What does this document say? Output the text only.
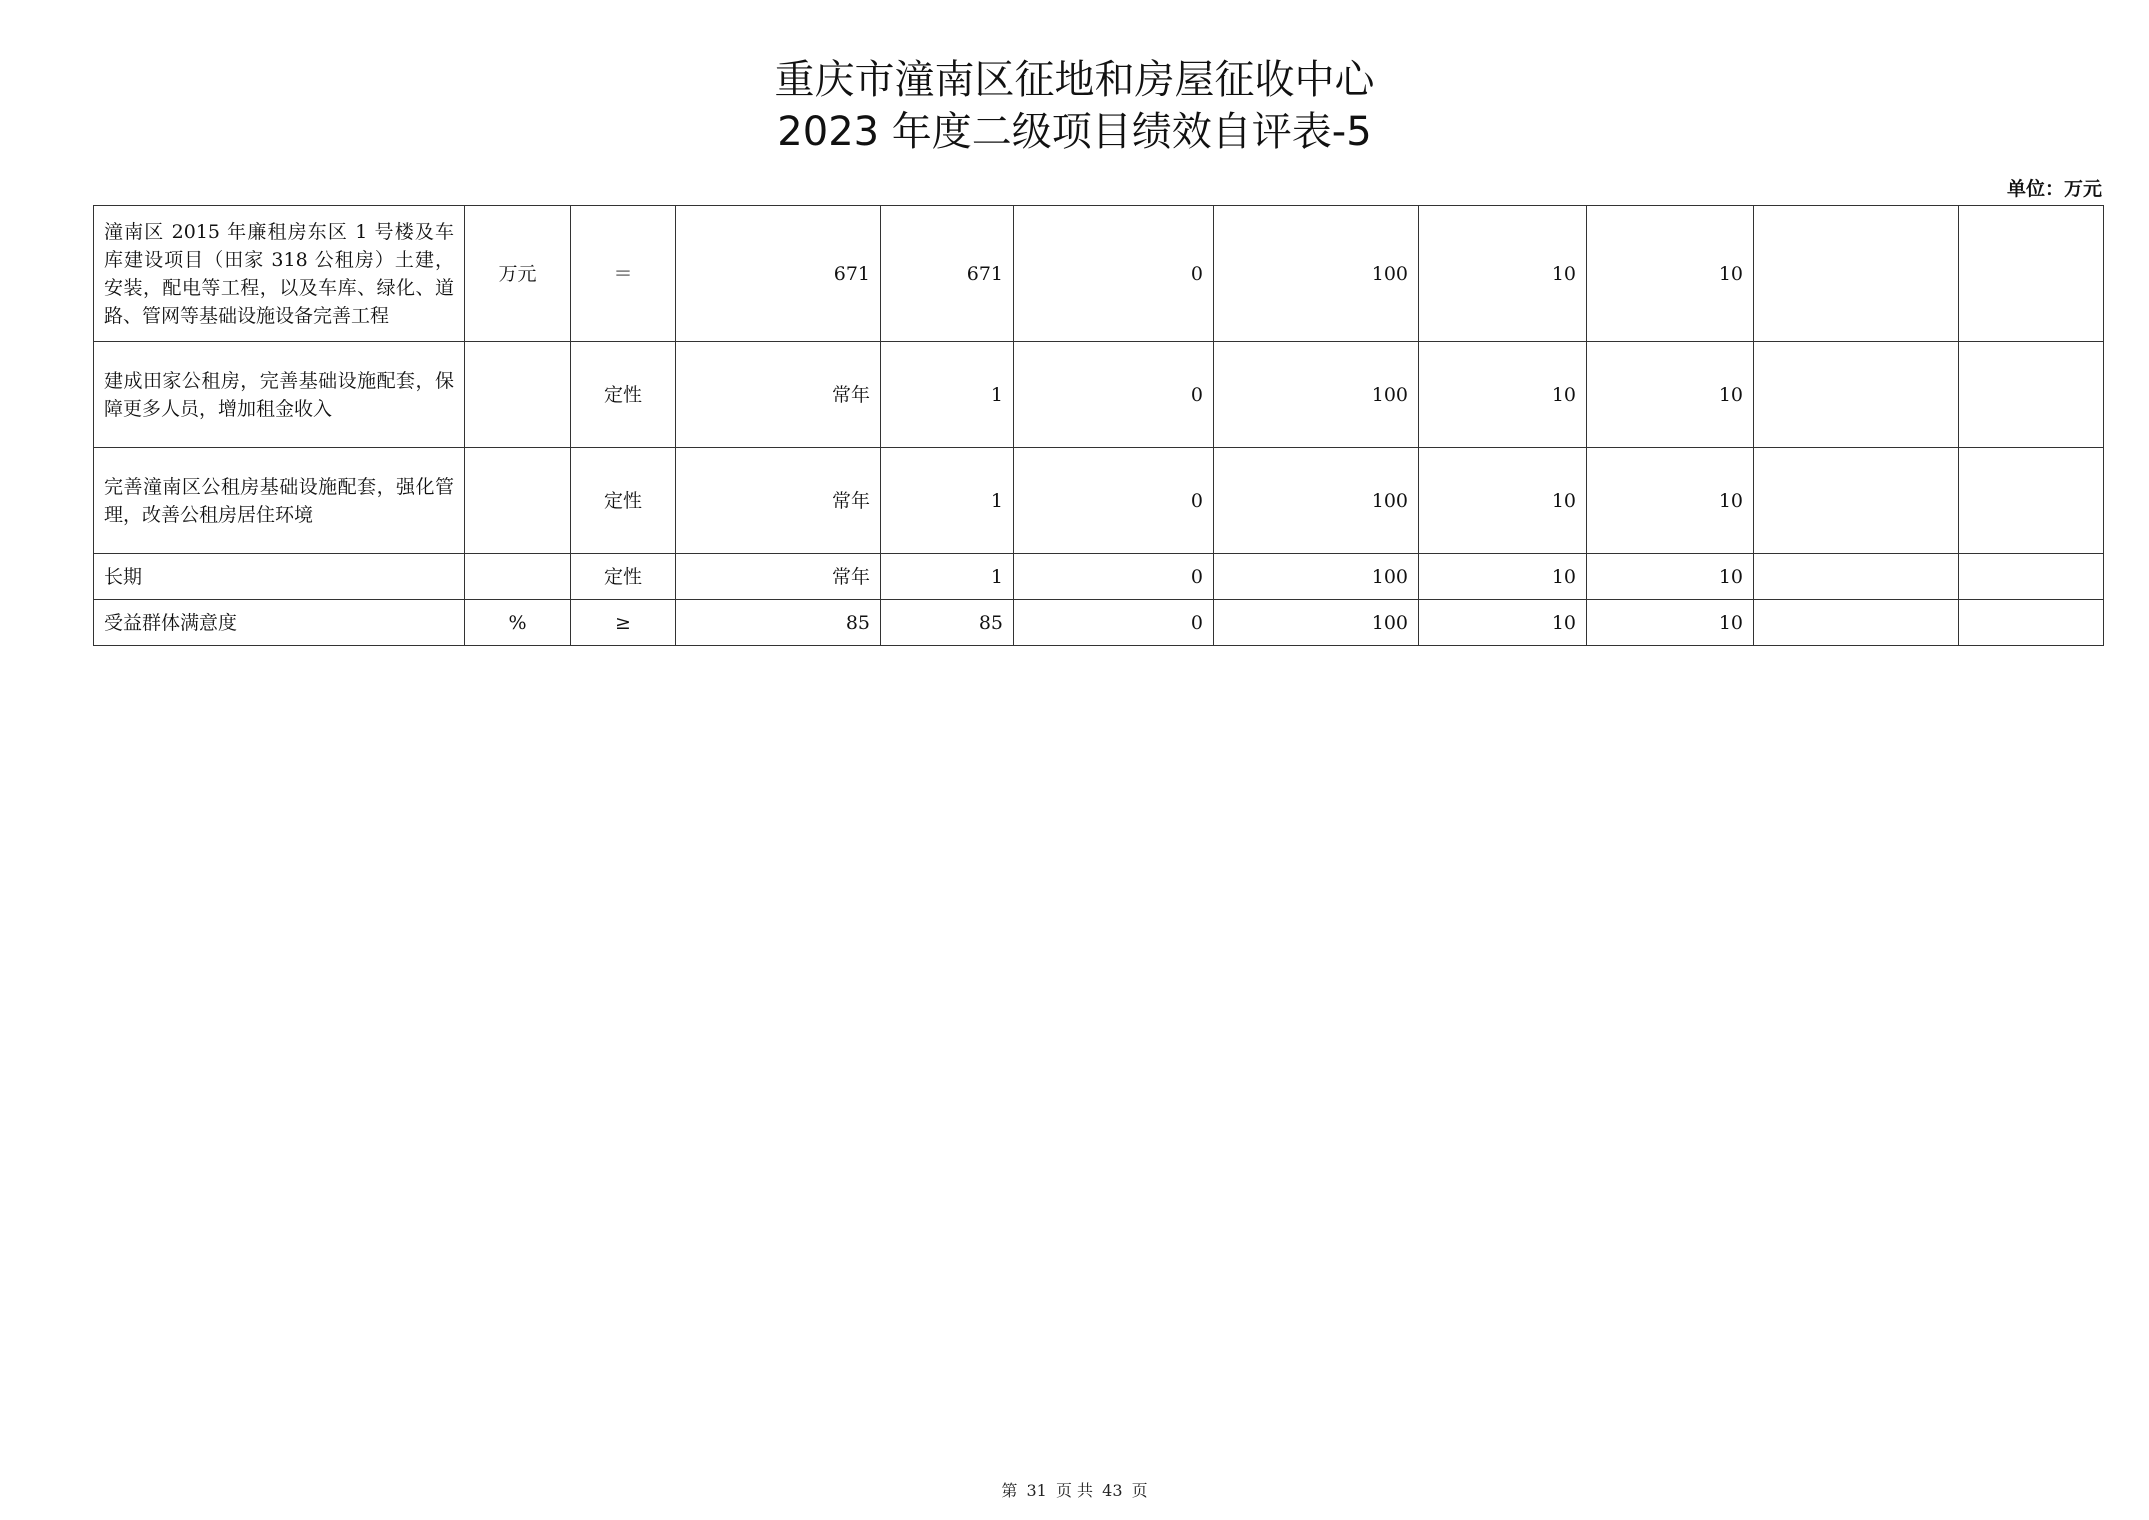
重庆市潼南区征地和房屋征收中心
2023 年度二级项目绩效自评表-5
单位：万元
潼南区 2015 年廉租房东区 1 号楼及车库建设项目（田家 318 公租房）土建，安装，配电等工程，以及车库、绿化、道路、管网等基础设施设备完善工程	万元	＝	671	671	0	100	10	10		
建成田家公租房，完善基础设施配套，保障更多人员，增加租金收入		定性	常年	1	0	100	10	10		
完善潼南区公租房基础设施配套，强化管理，改善公租房居住环境		定性	常年	1	0	100	10	10		
长期		定性	常年	1	0	100	10	10		
受益群体满意度	%	≥	85	85	0	100	10	10		
第 31 页 共 43 页
